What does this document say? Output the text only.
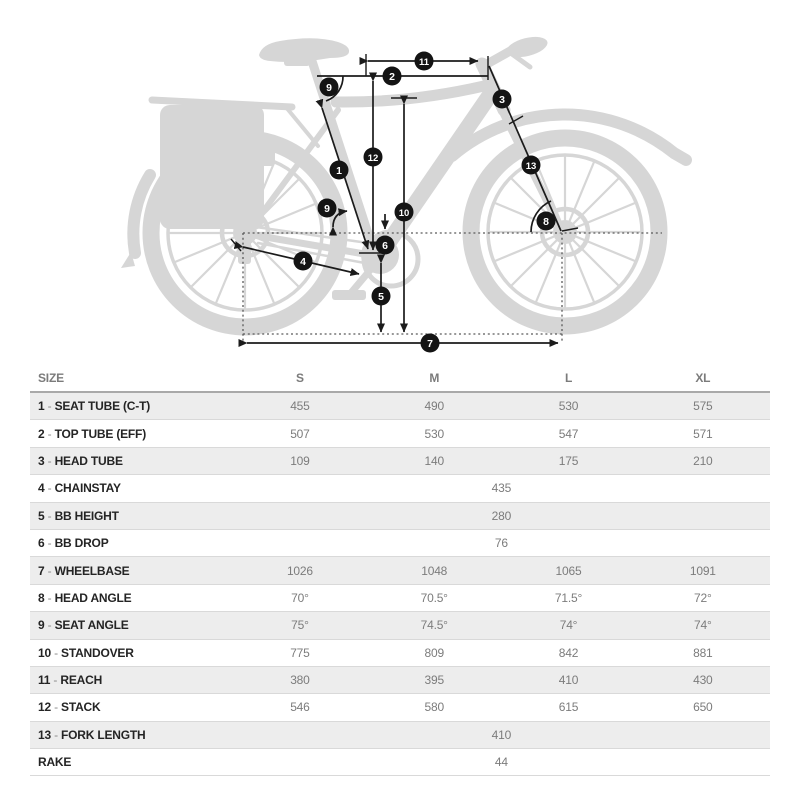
1
2
3
4
5
6
7
8
9
9	10
11
12
13
SIZE	S	M	L	XL
1 - SEAT TUBE (C-T)	455	490	530	575
2 - TOP TUBE (EFF)	507	530	547	571
3 - HEAD TUBE	109	140	175	210
4 - CHAINSTAY	435			
5 - BB HEIGHT	280			
6 - BB DROP	76			
7 - WHEELBASE	1026	1048	1065	1091
8 - HEAD ANGLE	70°	70.5°	71.5°	72°
9 - SEAT ANGLE	75°	74.5°	74°	74°
10 - STANDOVER	775	809	842	881
11 - REACH	380	395	410	430
12 - STACK	546	580	615	650
13 - FORK LENGTH	410			
RAKE	44			
